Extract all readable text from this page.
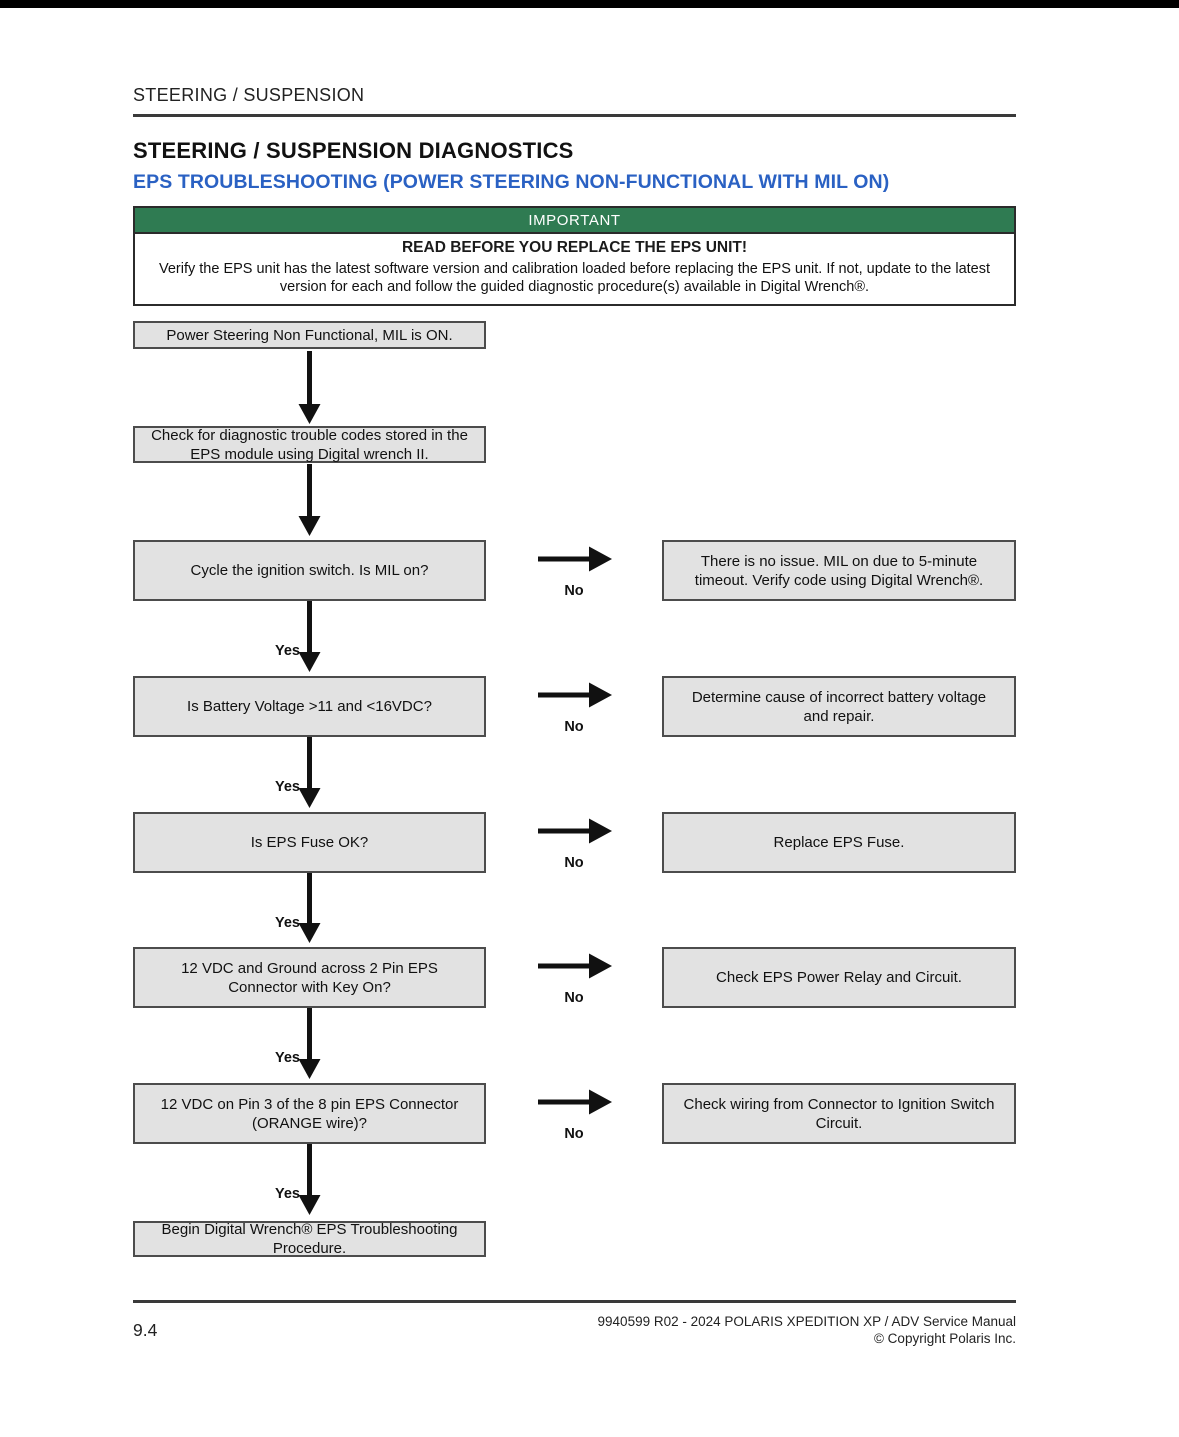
STEERING / SUSPENSION
STEERING / SUSPENSION DIAGNOSTICS
EPS TROUBLESHOOTING (POWER STEERING NON-FUNCTIONAL WITH MIL ON)
IMPORTANT
READ BEFORE YOU REPLACE THE EPS UNIT!
Verify the EPS unit has the latest software version and calibration loaded before replacing the EPS unit. If not, update to the latest version for each and follow the guided diagnostic procedure(s) available in Digital Wrench®.
Power Steering Non Functional, MIL is ON.
Check for diagnostic trouble codes stored in the EPS module using Digital wrench II.
Cycle the ignition switch. Is MIL on?
Is Battery Voltage >11 and <16VDC?
Is EPS Fuse OK?
12 VDC and Ground across 2 Pin EPS Connector with Key On?
12 VDC on Pin 3 of the 8 pin EPS Connector (ORANGE wire)?
Begin Digital Wrench® EPS Troubleshooting Procedure.
There is no issue. MIL on due to 5-minute timeout. Verify code using Digital Wrench®.
Determine cause of incorrect battery voltage and repair.
Replace EPS Fuse.
Check EPS Power Relay and Circuit.
Check wiring from Connector to Ignition Switch Circuit.
Yes
Yes
Yes
Yes
Yes
No
No
No
No
No
9.4	9940599 R02 - 2024 POLARIS XPEDITION XP / ADV Service Manual
© Copyright Polaris Inc.
